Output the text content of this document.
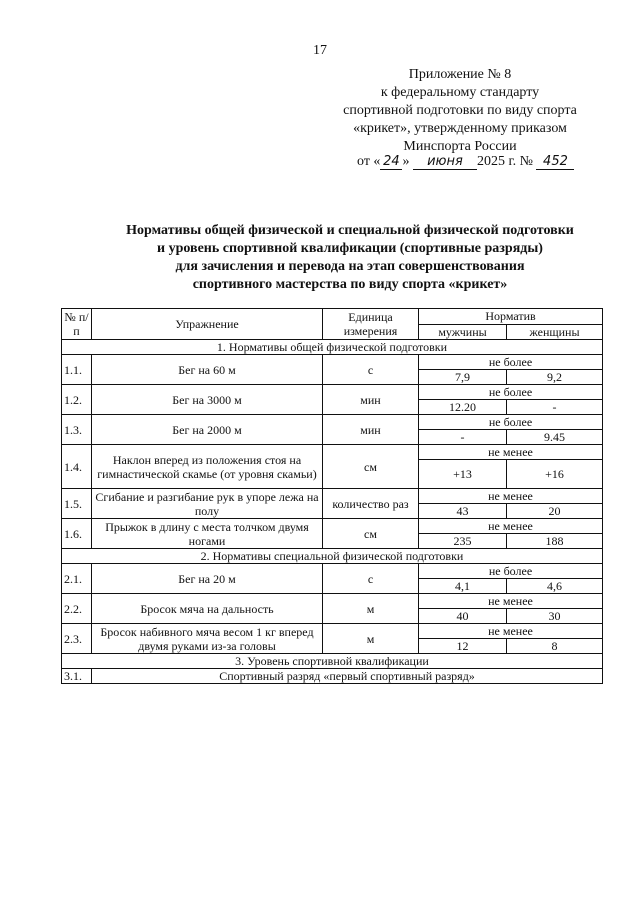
17
Приложение № 8
к федеральному стандарту
спортивной подготовки по виду спорта
«крикет», утвержденному приказом
Минспорта России
от « 24 » июня 2025 г. № 452
Нормативы общей физической и специальной физической подготовки
и уровень спортивной квалификации (спортивные разряды)
для зачисления и перевода на этап совершенствования
спортивного мастерства по виду спорта «крикет»
№ п/п	Упражнение	Единица измерения	Норматив	
			мужчины	женщины
1. Нормативы общей физической подготовки				
1.1.	Бег на 60 м	с	не более	
			7,9	9,2
1.2.	Бег на 3000 м	мин	не более	
			12.20	-
1.3.	Бег на 2000 м	мин	не более	
			-	9.45
1.4.	Наклон вперед из положения стоя на гимнастической скамье (от уровня скамьи)	см	не менее	
			+13	+16
1.5.	Сгибание и разгибание рук в упоре лежа на полу	количество раз	не менее	
			43	20
1.6.	Прыжок в длину с места толчком двумя ногами	см	не менее	
			235	188
2. Нормативы специальной физической подготовки				
2.1.	Бег на 20 м	с	не более	
			4,1	4,6
2.2.	Бросок мяча на дальность	м	не менее	
			40	30
2.3.	Бросок набивного мяча весом 1 кг вперед двумя руками из-за головы	м	не менее	
			12	8
3. Уровень спортивной квалификации				
3.1.	Спортивный разряд «первый спортивный разряд»			
